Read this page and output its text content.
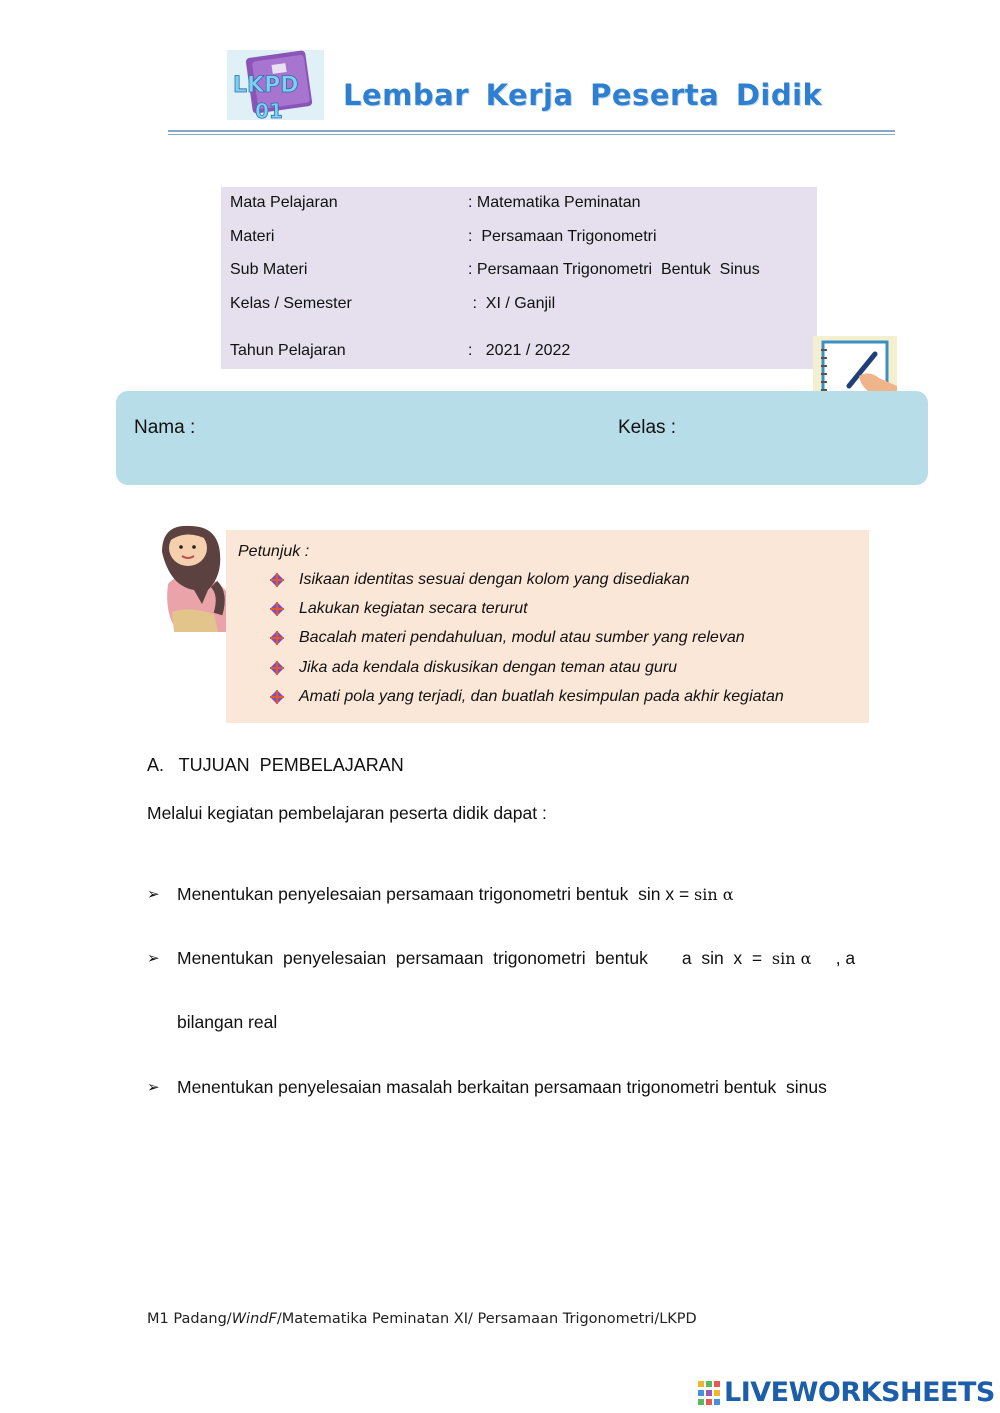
LKPD
01 Lembar Kerja Peserta Didik
Mata Pelajaran	: Matematika Peminatan
Materi	:  Persamaan Trigonometri
Sub Materi	: Persamaan Trigonometri  Bentuk  Sinus
Kelas / Semester	:  XI / Ganjil
Tahun Pelajaran	:   2021 / 2022
Nama :	Kelas :
Petunjuk :
Isikaan identitas sesuai dengan kolom yang disediakan
Lakukan kegiatan secara terurut
Bacalah materi pendahuluan, modul atau sumber yang relevan
Jika ada kendala diskusikan dengan teman atau guru
Amati pola yang terjadi, dan buatlah kesimpulan pada akhir kegiatan
A.   TUJUAN  PEMBELAJARAN
Melalui kegiatan pembelajaran peserta didik dapat :
➢ Menentukan penyelesaian persamaan trigonometri bentuk  sin x = sin α
➢ Menentukan  penyelesaian  persamaan  trigonometri  bentuk       a  sin  x  =  sin α     , a
bilangan real
➢ Menentukan penyelesaian masalah berkaitan persamaan trigonometri bentuk  sinus
M1 Padang/WindF/Matematika Peminatan XI/ Persamaan Trigonometri/LKPD
LIVEWORKSHEETS
